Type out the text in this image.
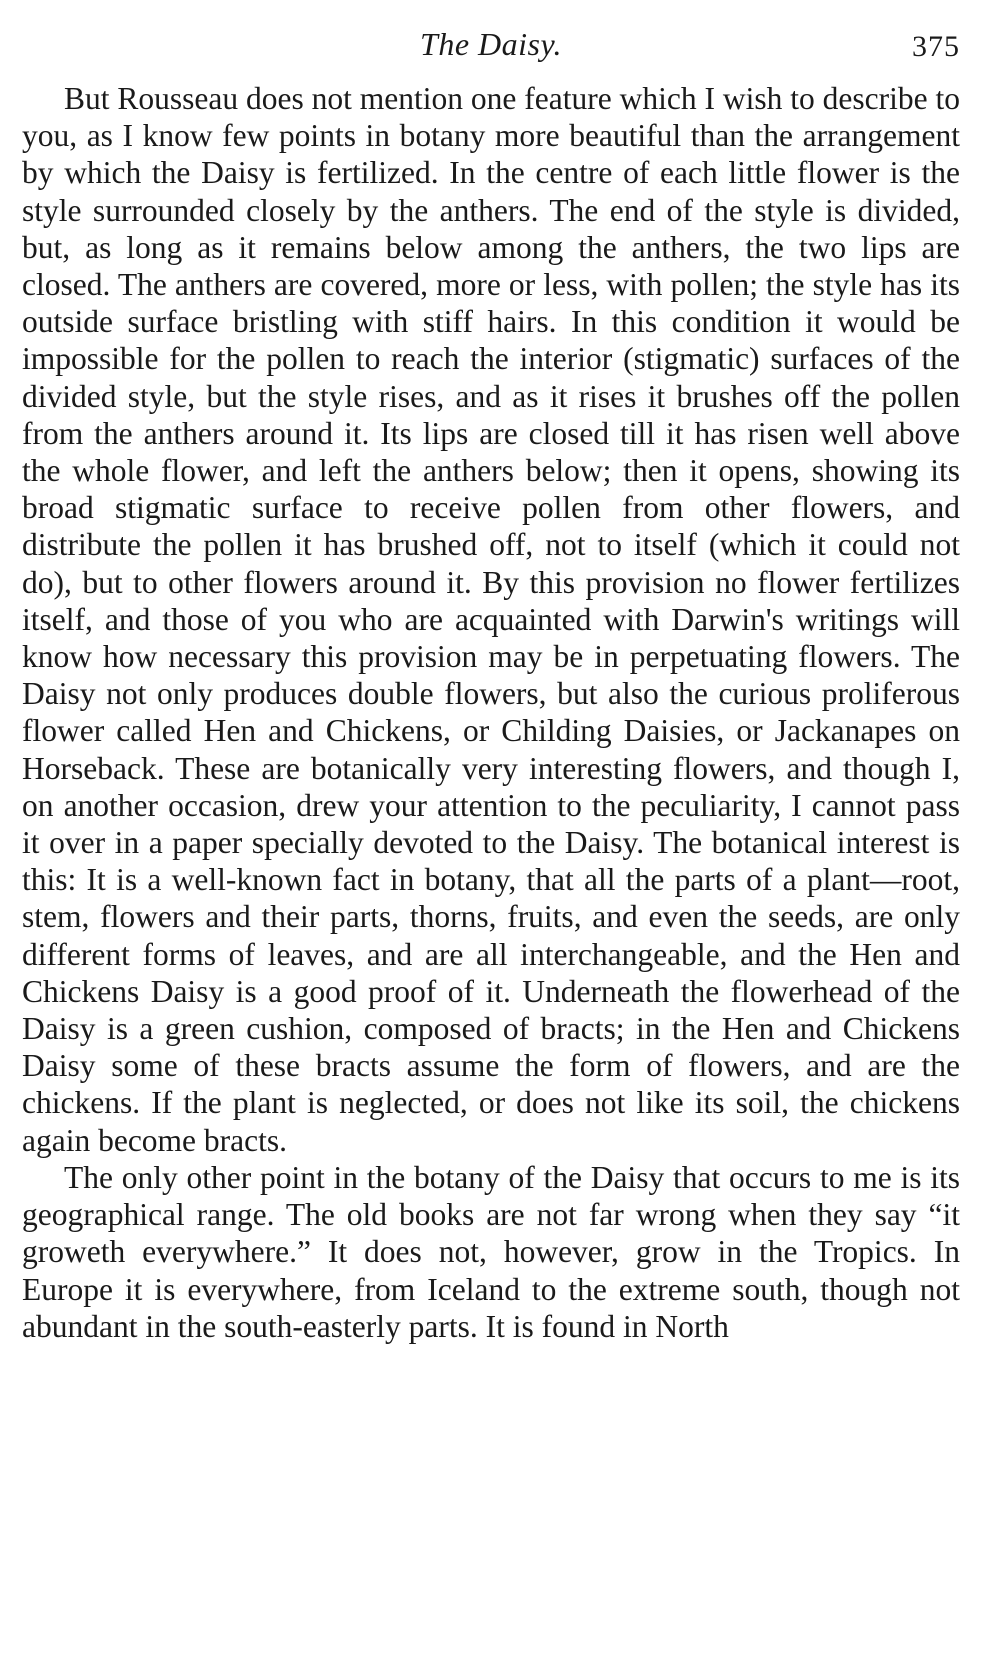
The Daisy.	375

But Rousseau does not mention one feature which I wish to describe to you, as I know few points in botany more beautiful than the arrangement by which the Daisy is fertilized. In the centre of each little flower is the style surrounded closely by the anthers. The end of the style is divided, but, as long as it remains below among the anthers, the two lips are closed. The anthers are covered, more or less, with pollen; the style has its outside surface bristling with stiff hairs. In this condition it would be impossible for the pollen to reach the interior (stigmatic) surfaces of the divided style, but the style rises, and as it rises it brushes off the pollen from the anthers around it. Its lips are closed till it has risen well above the whole flower, and left the anthers below; then it opens, showing its broad stigmatic surface to receive pollen from other flowers, and distribute the pollen it has brushed off, not to itself (which it could not do), but to other flowers around it. By this provision no flower fertilizes itself, and those of you who are acquainted with Darwin's writings will know how necessary this provision may be in perpetuating flowers. The Daisy not only produces double flowers, but also the curious proliferous flower called Hen and Chickens, or Childing Daisies, or Jackanapes on Horseback. These are botanically very interesting flowers, and though I, on another occasion, drew your attention to the peculiarity, I cannot pass it over in a paper specially devoted to the Daisy. The botanical interest is this: It is a well-known fact in botany, that all the parts of a plant—root, stem, flowers and their parts, thorns, fruits, and even the seeds, are only different forms of leaves, and are all interchangeable, and the Hen and Chickens Daisy is a good proof of it. Underneath the flowerhead of the Daisy is a green cushion, composed of bracts; in the Hen and Chickens Daisy some of these bracts assume the form of flowers, and are the chickens. If the plant is neglected, or does not like its soil, the chickens again become bracts.

The only other point in the botany of the Daisy that occurs to me is its geographical range. The old books are not far wrong when they say “it groweth everywhere.” It does not, however, grow in the Tropics. In Europe it is everywhere, from Iceland to the extreme south, though not abundant in the south-easterly parts. It is found in North
